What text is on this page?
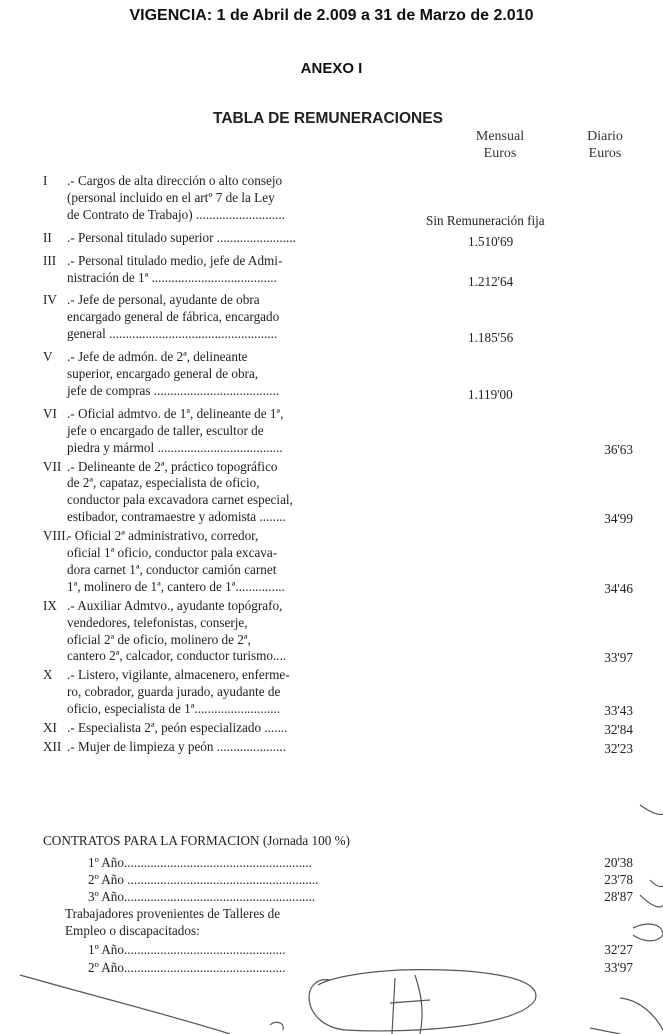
VIGENCIA: 1 de Abril de 2.009 a 31 de Marzo de 2.010
ANEXO I
TABLA DE REMUNERACIONES
Mensual
Euros
Diario
Euros
I .- Cargos de alta dirección o alto consejo
(personal incluido en el artº 7 de la Ley
de Contrato de Trabajo) ...........................	Sin Remuneración fija
II .- Personal titulado superior ........................	1.510'69
III .- Personal titulado medio, jefe de Admi-
nistración de 1ª ......................................	1.212'64
IV .- Jefe de personal, ayudante de obra
encargado general de fábrica, encargado
general ...................................................	1.185'56
V .- Jefe de admón. de 2ª, delineante
superior, encargado general de obra,
jefe de compras ......................................	1.119'00
VI .- Oficial admtvo. de 1ª, delineante de 1ª,
jefe o encargado de taller, escultor de
piedra y mármol ......................................	36'63
VII .- Delineante de 2ª, práctico topográfico
de 2ª, capataz, especialista de oficio,
conductor pala excavadora carnet especial,
estibador, contramaestre y adomista ........	34'99
VIII.
- Oficial 2ª administrativo, corredor,
oficial 1ª oficio, conductor pala excava-
dora carnet 1ª, conductor camión carnet
1ª, molinero de 1ª, cantero de 1ª...............	34'46
IX .- Auxiliar Admtvo., ayudante topógrafo,
vendedores, telefonistas, conserje,
oficial 2ª de oficio, molinero de 2ª,
cantero 2ª, calcador, conductor turismo....	33'97
X .- Listero, vigilante, almacenero, enferme-
ro, cobrador, guarda jurado, ayudante de
oficio, especialista de 1ª..........................	33'43
XI .- Especialista 2ª, peón especializado .......	32'84
XII .- Mujer de limpieza y peón .....................	32'23
CONTRATOS PARA LA FORMACION (Jornada 100 %)
1º Año.........................................................	20'38
2º Año ..........................................................	23'78
3º Año..........................................................	28'87
Trabajadores provenientes de Talleres de
Empleo o discapacitados:
1º Año.................................................	32'27
2º Año.................................................	33'97
